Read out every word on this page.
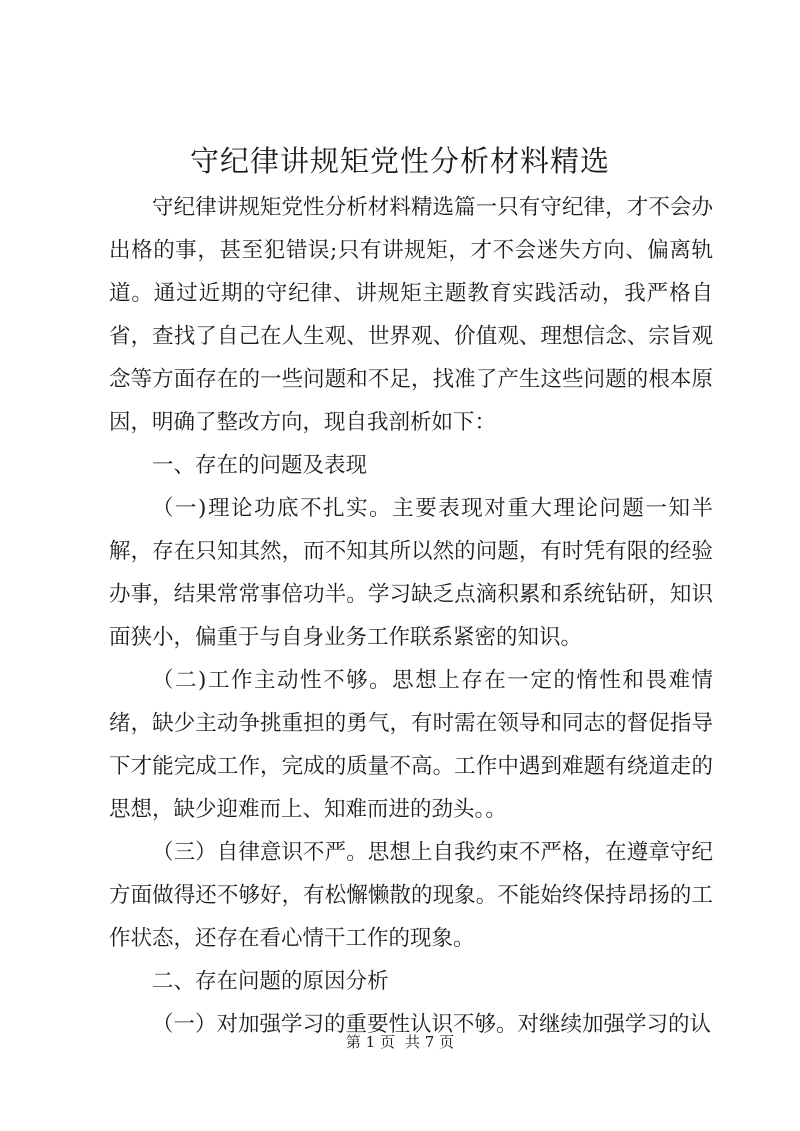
守纪律讲规矩党性分析材料精选

守纪律讲规矩党性分析材料精选篇一只有守纪律，才不会办出格的事，甚至犯错误;只有讲规矩，才不会迷失方向、偏离轨道。通过近期的守纪律、讲规矩主题教育实践活动，我严格自省，查找了自己在人生观、世界观、价值观、理想信念、宗旨观念等方面存在的一些问题和不足，找准了产生这些问题的根本原因，明确了整改方向，现自我剖析如下：

一、存在的问题及表现

（一)理论功底不扎实。主要表现对重大理论问题一知半解，存在只知其然，而不知其所以然的问题，有时凭有限的经验办事，结果常常事倍功半。学习缺乏点滴积累和系统钻研，知识面狭小，偏重于与自身业务工作联系紧密的知识。

（二)工作主动性不够。思想上存在一定的惰性和畏难情绪，缺少主动争挑重担的勇气，有时需在领导和同志的督促指导下才能完成工作，完成的质量不高。工作中遇到难题有绕道走的思想，缺少迎难而上、知难而进的劲头。。

（三）自律意识不严。思想上自我约束不严格，在遵章守纪方面做得还不够好，有松懈懒散的现象。不能始终保持昂扬的工作状态，还存在看心情干工作的现象。

二、存在问题的原因分析

（一）对加强学习的重要性认识不够。对继续加强学习的认

第 1 页 共 7 页
